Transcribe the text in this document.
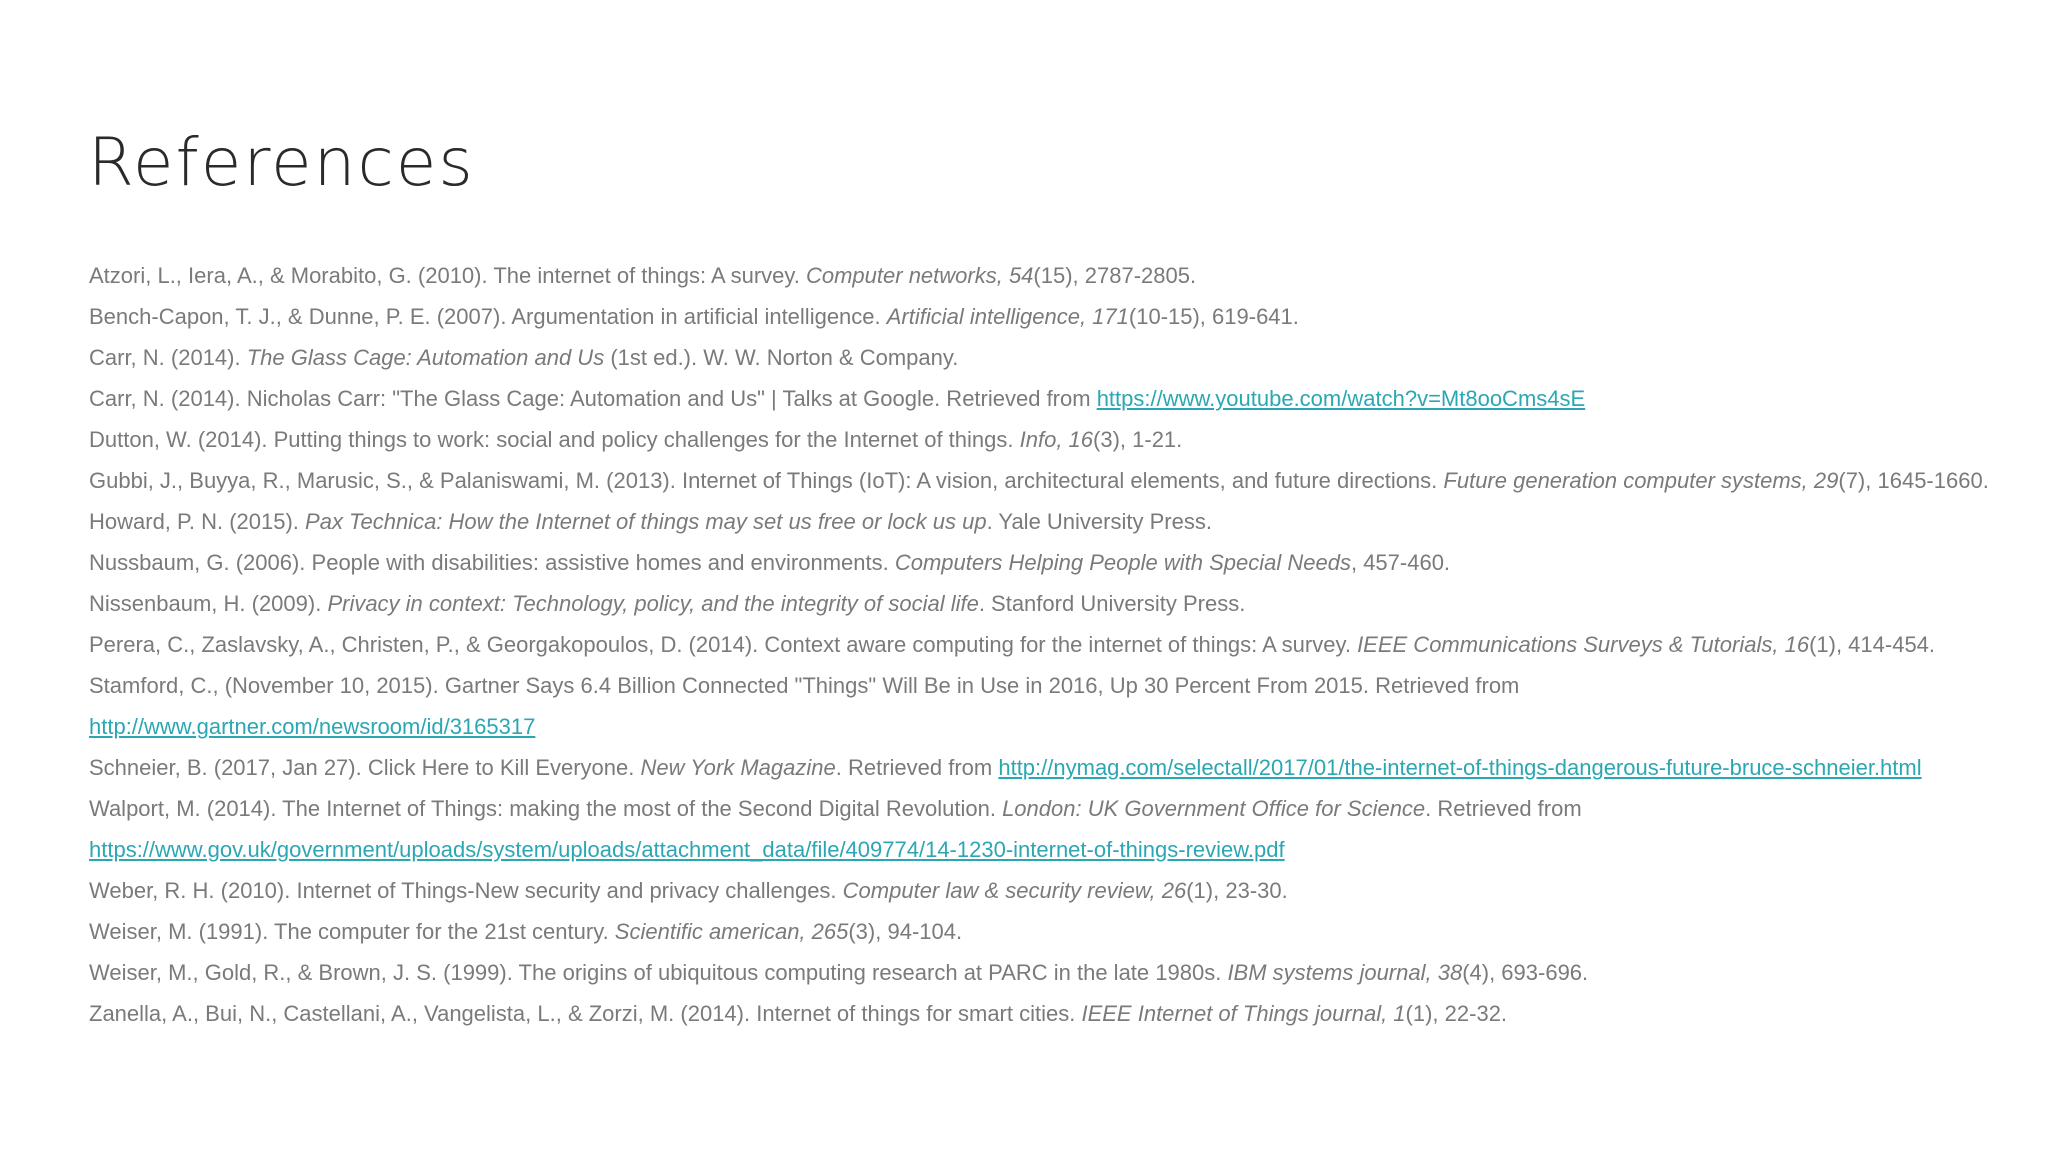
References
Atzori, L., Iera, A., & Morabito, G. (2010). The internet of things: A survey. Computer networks, 54(15), 2787-2805.
Bench-Capon, T. J., & Dunne, P. E. (2007). Argumentation in artificial intelligence. Artificial intelligence, 171(10-15), 619-641.
Carr, N. (2014). The Glass Cage: Automation and Us (1st ed.). W. W. Norton & Company.
Carr, N. (2014). Nicholas Carr: "The Glass Cage: Automation and Us" | Talks at Google. Retrieved from https://www.youtube.com/watch?v=Mt8ooCms4sE
Dutton, W. (2014). Putting things to work: social and policy challenges for the Internet of things. Info, 16(3), 1-21.
Gubbi, J., Buyya, R., Marusic, S., & Palaniswami, M. (2013). Internet of Things (IoT): A vision, architectural elements, and future directions. Future generation computer systems, 29(7), 1645-1660.
Howard, P. N. (2015). Pax Technica: How the Internet of things may set us free or lock us up. Yale University Press.
Nussbaum, G. (2006). People with disabilities: assistive homes and environments. Computers Helping People with Special Needs, 457-460.
Nissenbaum, H. (2009). Privacy in context: Technology, policy, and the integrity of social life. Stanford University Press.
Perera, C., Zaslavsky, A., Christen, P., & Georgakopoulos, D. (2014). Context aware computing for the internet of things: A survey. IEEE Communications Surveys & Tutorials, 16(1), 414-454.
Stamford, C., (November 10, 2015). Gartner Says 6.4 Billion Connected "Things" Will Be in Use in 2016, Up 30 Percent From 2015. Retrieved from
http://www.gartner.com/newsroom/id/3165317
Schneier, B. (2017, Jan 27). Click Here to Kill Everyone. New York Magazine. Retrieved from http://nymag.com/selectall/2017/01/the-internet-of-things-dangerous-future-bruce-schneier.html
Walport, M. (2014). The Internet of Things: making the most of the Second Digital Revolution. London: UK Government Office for Science. Retrieved from
https://www.gov.uk/government/uploads/system/uploads/attachment_data/file/409774/14-1230-internet-of-things-review.pdf
Weber, R. H. (2010). Internet of Things-New security and privacy challenges. Computer law & security review, 26(1), 23-30.
Weiser, M. (1991). The computer for the 21st century. Scientific american, 265(3), 94-104.
Weiser, M., Gold, R., & Brown, J. S. (1999). The origins of ubiquitous computing research at PARC in the late 1980s. IBM systems journal, 38(4), 693-696.
Zanella, A., Bui, N., Castellani, A., Vangelista, L., & Zorzi, M. (2014). Internet of things for smart cities. IEEE Internet of Things journal, 1(1), 22-32.
